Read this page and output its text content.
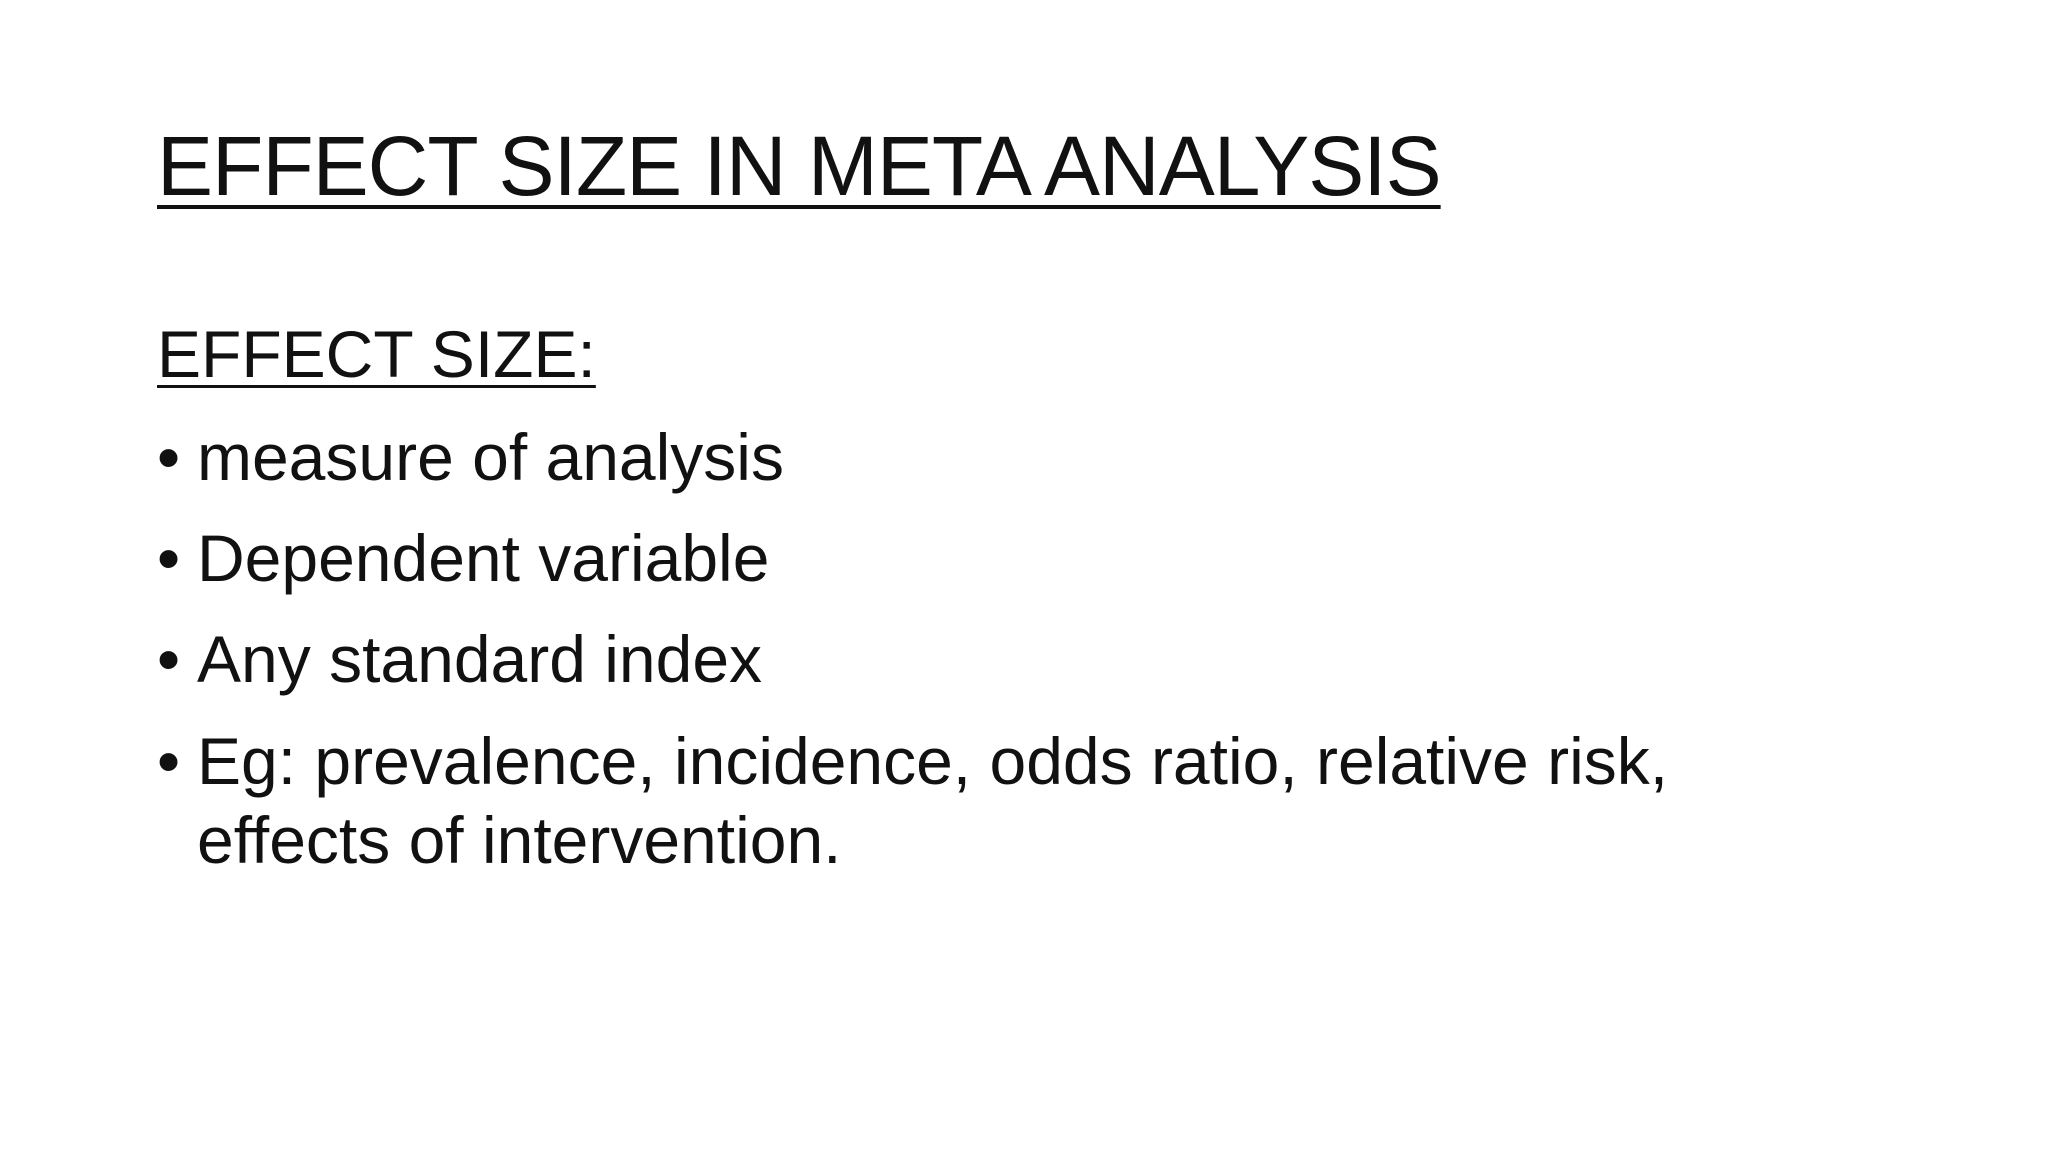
EFFECT SIZE IN META ANALYSIS
EFFECT SIZE:
• measure of analysis
• Dependent variable
• Any standard index
• Eg: prevalence, incidence, odds ratio, relative risk, effects of intervention.
